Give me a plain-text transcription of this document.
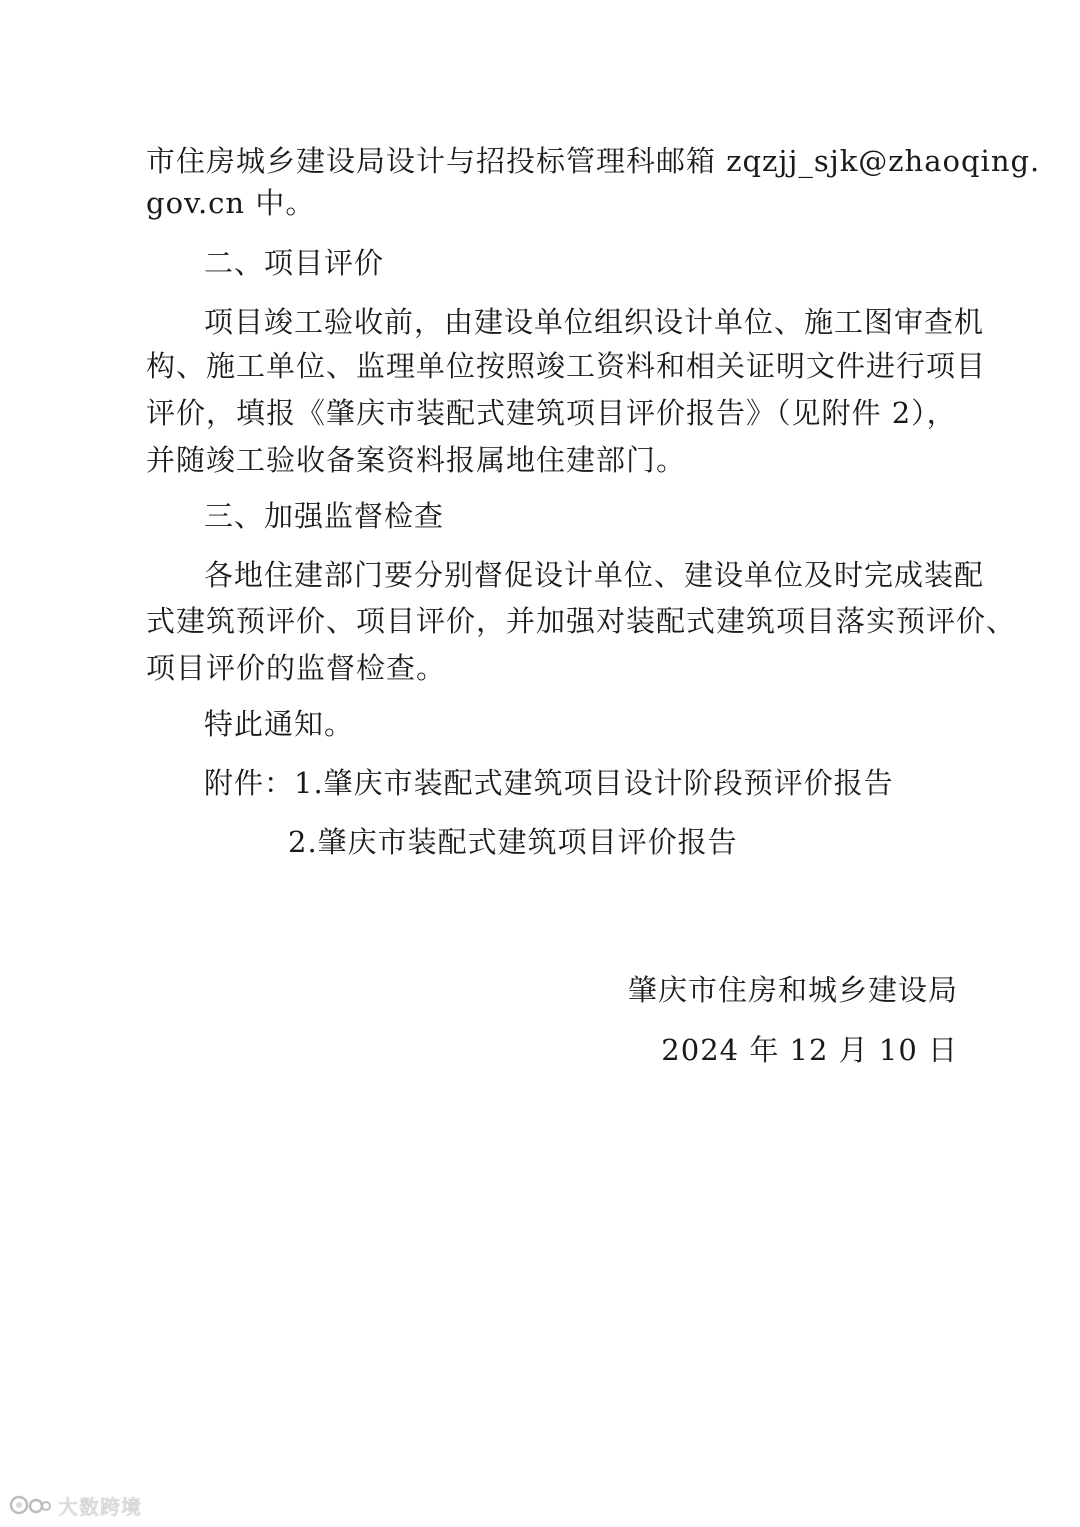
市住房城乡建设局设计与招投标管理科邮箱 zqzjj_sjk@zhaoqing.
gov.cn 中。
二、项目评价
项目竣工验收前，由建设单位组织设计单位、施工图审查机
构、施工单位、监理单位按照竣工资料和相关证明文件进行项目
评价，填报《肇庆市装配式建筑项目评价报告》（见附件 2），
并随竣工验收备案资料报属地住建部门。
三、加强监督检查
各地住建部门要分别督促设计单位、建设单位及时完成装配
式建筑预评价、项目评价，并加强对装配式建筑项目落实预评价、
项目评价的监督检查。
特此通知。
附件：1.肇庆市装配式建筑项目设计阶段预评价报告
2.肇庆市装配式建筑项目评价报告
肇庆市住房和城乡建设局
2024 年 12 月 10 日
大数跨境
